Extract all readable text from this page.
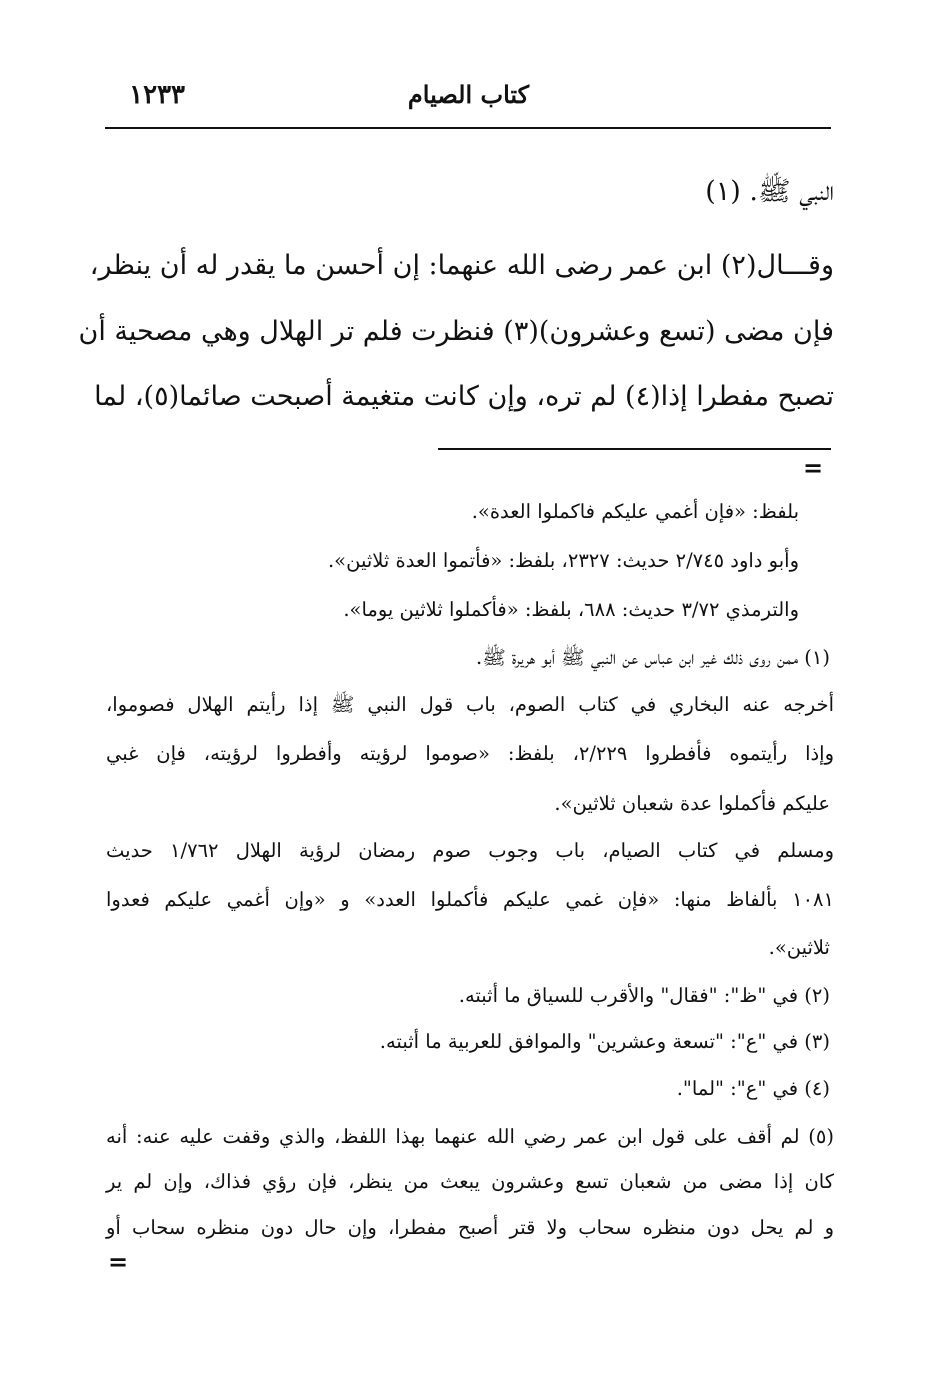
كتاب الصيام
١٢٣٣
النبي ﷺ. (١)
وقـــال(٢) ابن عمر رضى الله عنهما: إن أحسن ما يقدر له أن ينظر،
فإن مضى (تسع وعشرون)(٣) فنظرت فلم تر الهلال وهي مصحية أن
تصبح مفطرا إذا(٤) لم تره، وإن كانت متغيمة أصبحت صائما(٥)، لما
=
بلفظ: «فإن أغمي عليكم فاكملوا العدة».
وأبو داود ٢/٧٤٥ حديث: ٢٣٢٧، بلفظ: «فأتموا العدة ثلاثين».
والترمذي ٣/٧٢ حديث: ٦٨٨، بلفظ: «فأكملوا ثلاثين يوما».
(١) ممن روى ذلك غير ابن عباس عن النبي ﷺ أبو هريرة ﷺ.
أخرجه عنه البخاري في كتاب الصوم، باب قول النبي ﷺ إذا رأيتم الهلال فصوموا،
وإذا رأيتموه فأفطروا ٢/٢٢٩، بلفظ: «صوموا لرؤيته وأفطروا لرؤيته، فإن غبي
عليكم فأكملوا عدة شعبان ثلاثين».
ومسلم في كتاب الصيام، باب وجوب صوم رمضان لرؤية الهلال ١/٧٦٢ حديث
١٠٨١ بألفاظ منها: «فإن غمي عليكم فأكملوا العدد» و «وإن أغمي عليكم فعدوا
ثلاثين».
(٢) في "ظ": "فقال" والأقرب للسياق ما أثبته.
(٣) في "ع": "تسعة وعشرين" والموافق للعربية ما أثبته.
(٤) في "ع": "لما".
(٥) لم أقف على قول ابن عمر رضي الله عنهما بهذا اللفظ، والذي وقفت عليه عنه: أنه
كان إذا مضى من شعبان تسع وعشرون يبعث من ينظر، فإن رؤي فذاك، وإن لم ير
و لم يحل دون منظره سحاب ولا قتر أصبح مفطرا، وإن حال دون منظره سحاب أو
=
